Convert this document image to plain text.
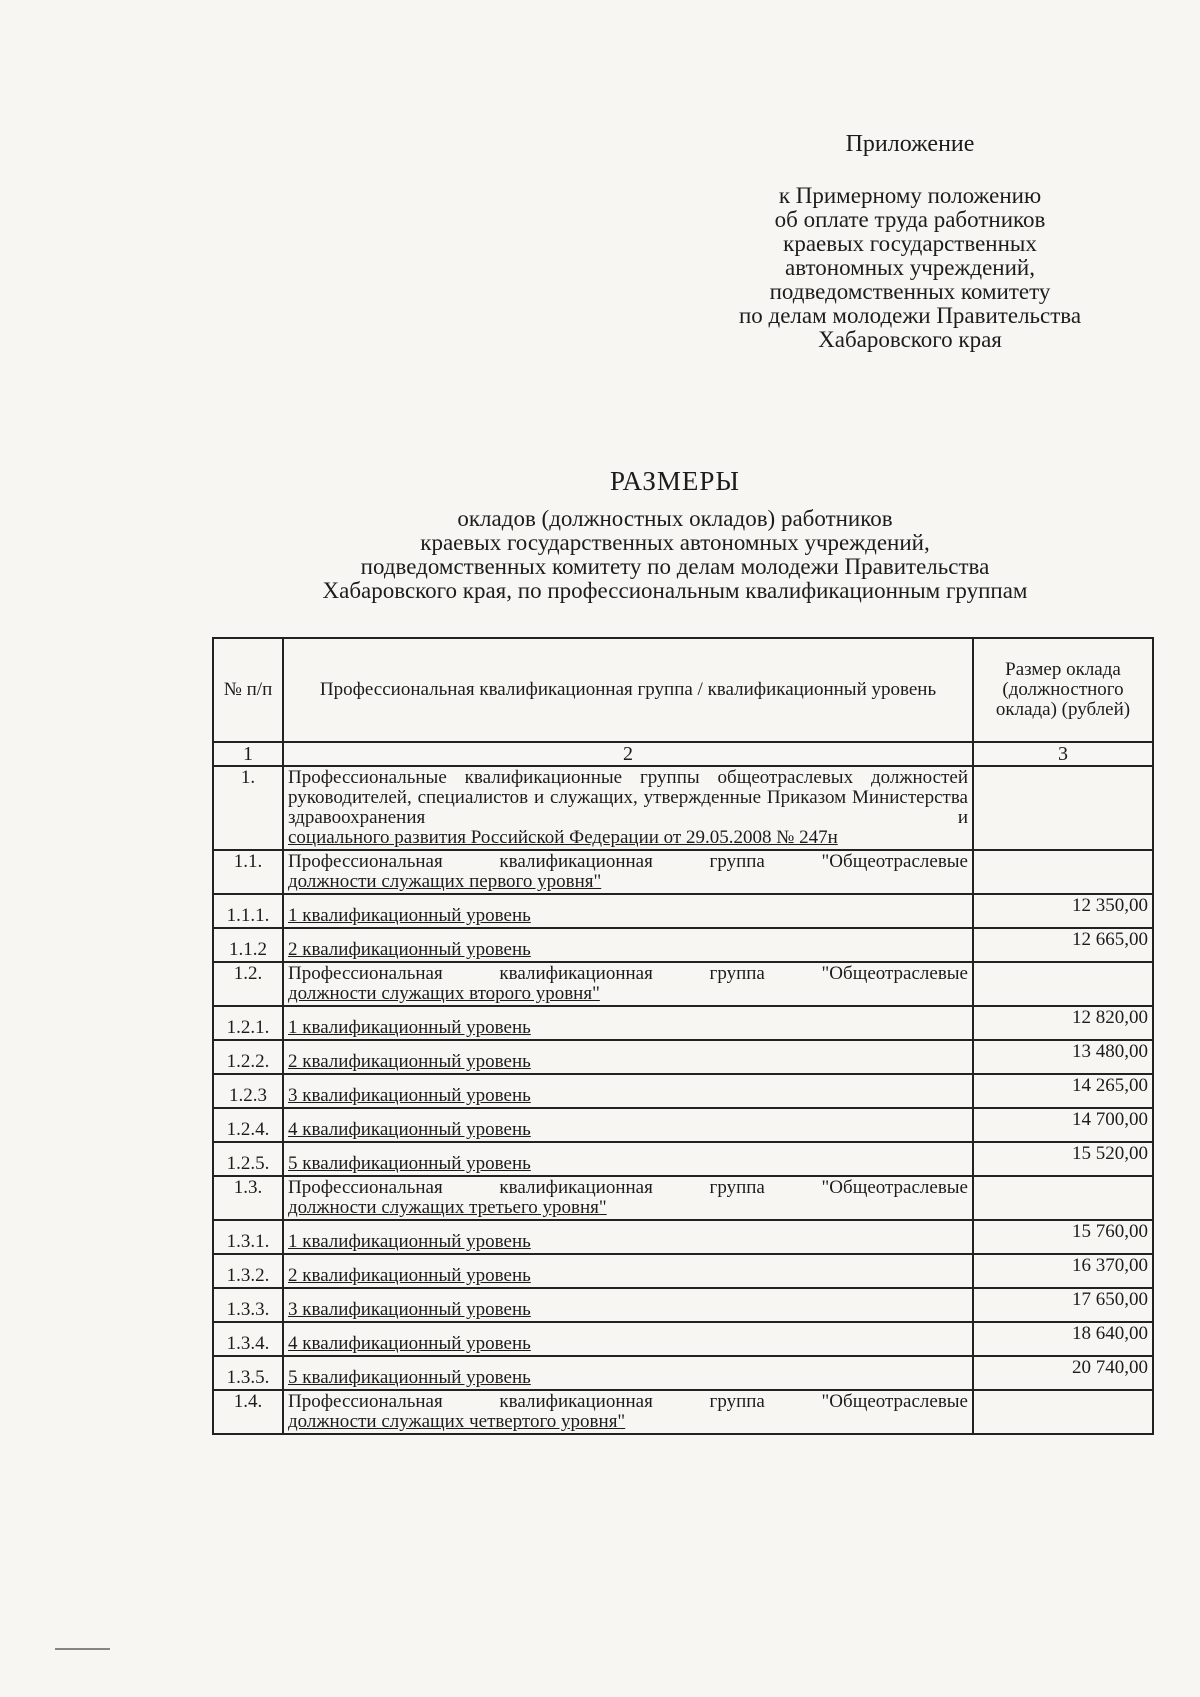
Приложение
к Примерному положению
об оплате труда работников
краевых государственных
автономных учреждений,
подведомственных комитету
по делам молодежи Правительства
Хабаровского края
РАЗМЕРЫ
окладов (должностных окладов) работников
краевых государственных автономных учреждений,
подведомственных комитету по делам молодежи Правительства
Хабаровского края, по профессиональным квалификационным группам
№ п/п	Профессиональная квалификационная группа / квалификационный уровень	Размер оклада (должностного оклада) (рублей)
1	2	3
1.	Профессиональные квалификационные группы общеотраслевых должностей руководителей, специалистов и служащих, утвержденные Приказом Министерства здравоохранения и
социального развития Российской Федерации от 29.05.2008 № 247н	

1.1.	Профессиональная квалификационная группа "Общеотраслевые
должности служащих первого уровня"	

1.1.1.	1 квалификационный уровень	12 350,00
1.1.2	2 квалификационный уровень	12 665,00
1.2.	Профессиональная квалификационная группа "Общеотраслевые
должности служащих второго уровня"	

1.2.1.	1 квалификационный уровень	12 820,00
1.2.2.	2 квалификационный уровень	13 480,00
1.2.3	3 квалификационный уровень	14 265,00
1.2.4.	4 квалификационный уровень	14 700,00
1.2.5.	5 квалификационный уровень	15 520,00
1.3.	Профессиональная квалификационная группа "Общеотраслевые
должности служащих третьего уровня"	

1.3.1.	1 квалификационный уровень	15 760,00
1.3.2.	2 квалификационный уровень	16 370,00
1.3.3.	3 квалификационный уровень	17 650,00
1.3.4.	4 квалификационный уровень	18 640,00
1.3.5.	5 квалификационный уровень	20 740,00
1.4.	Профессиональная квалификационная группа "Общеотраслевые
должности служащих четвертого уровня"	
